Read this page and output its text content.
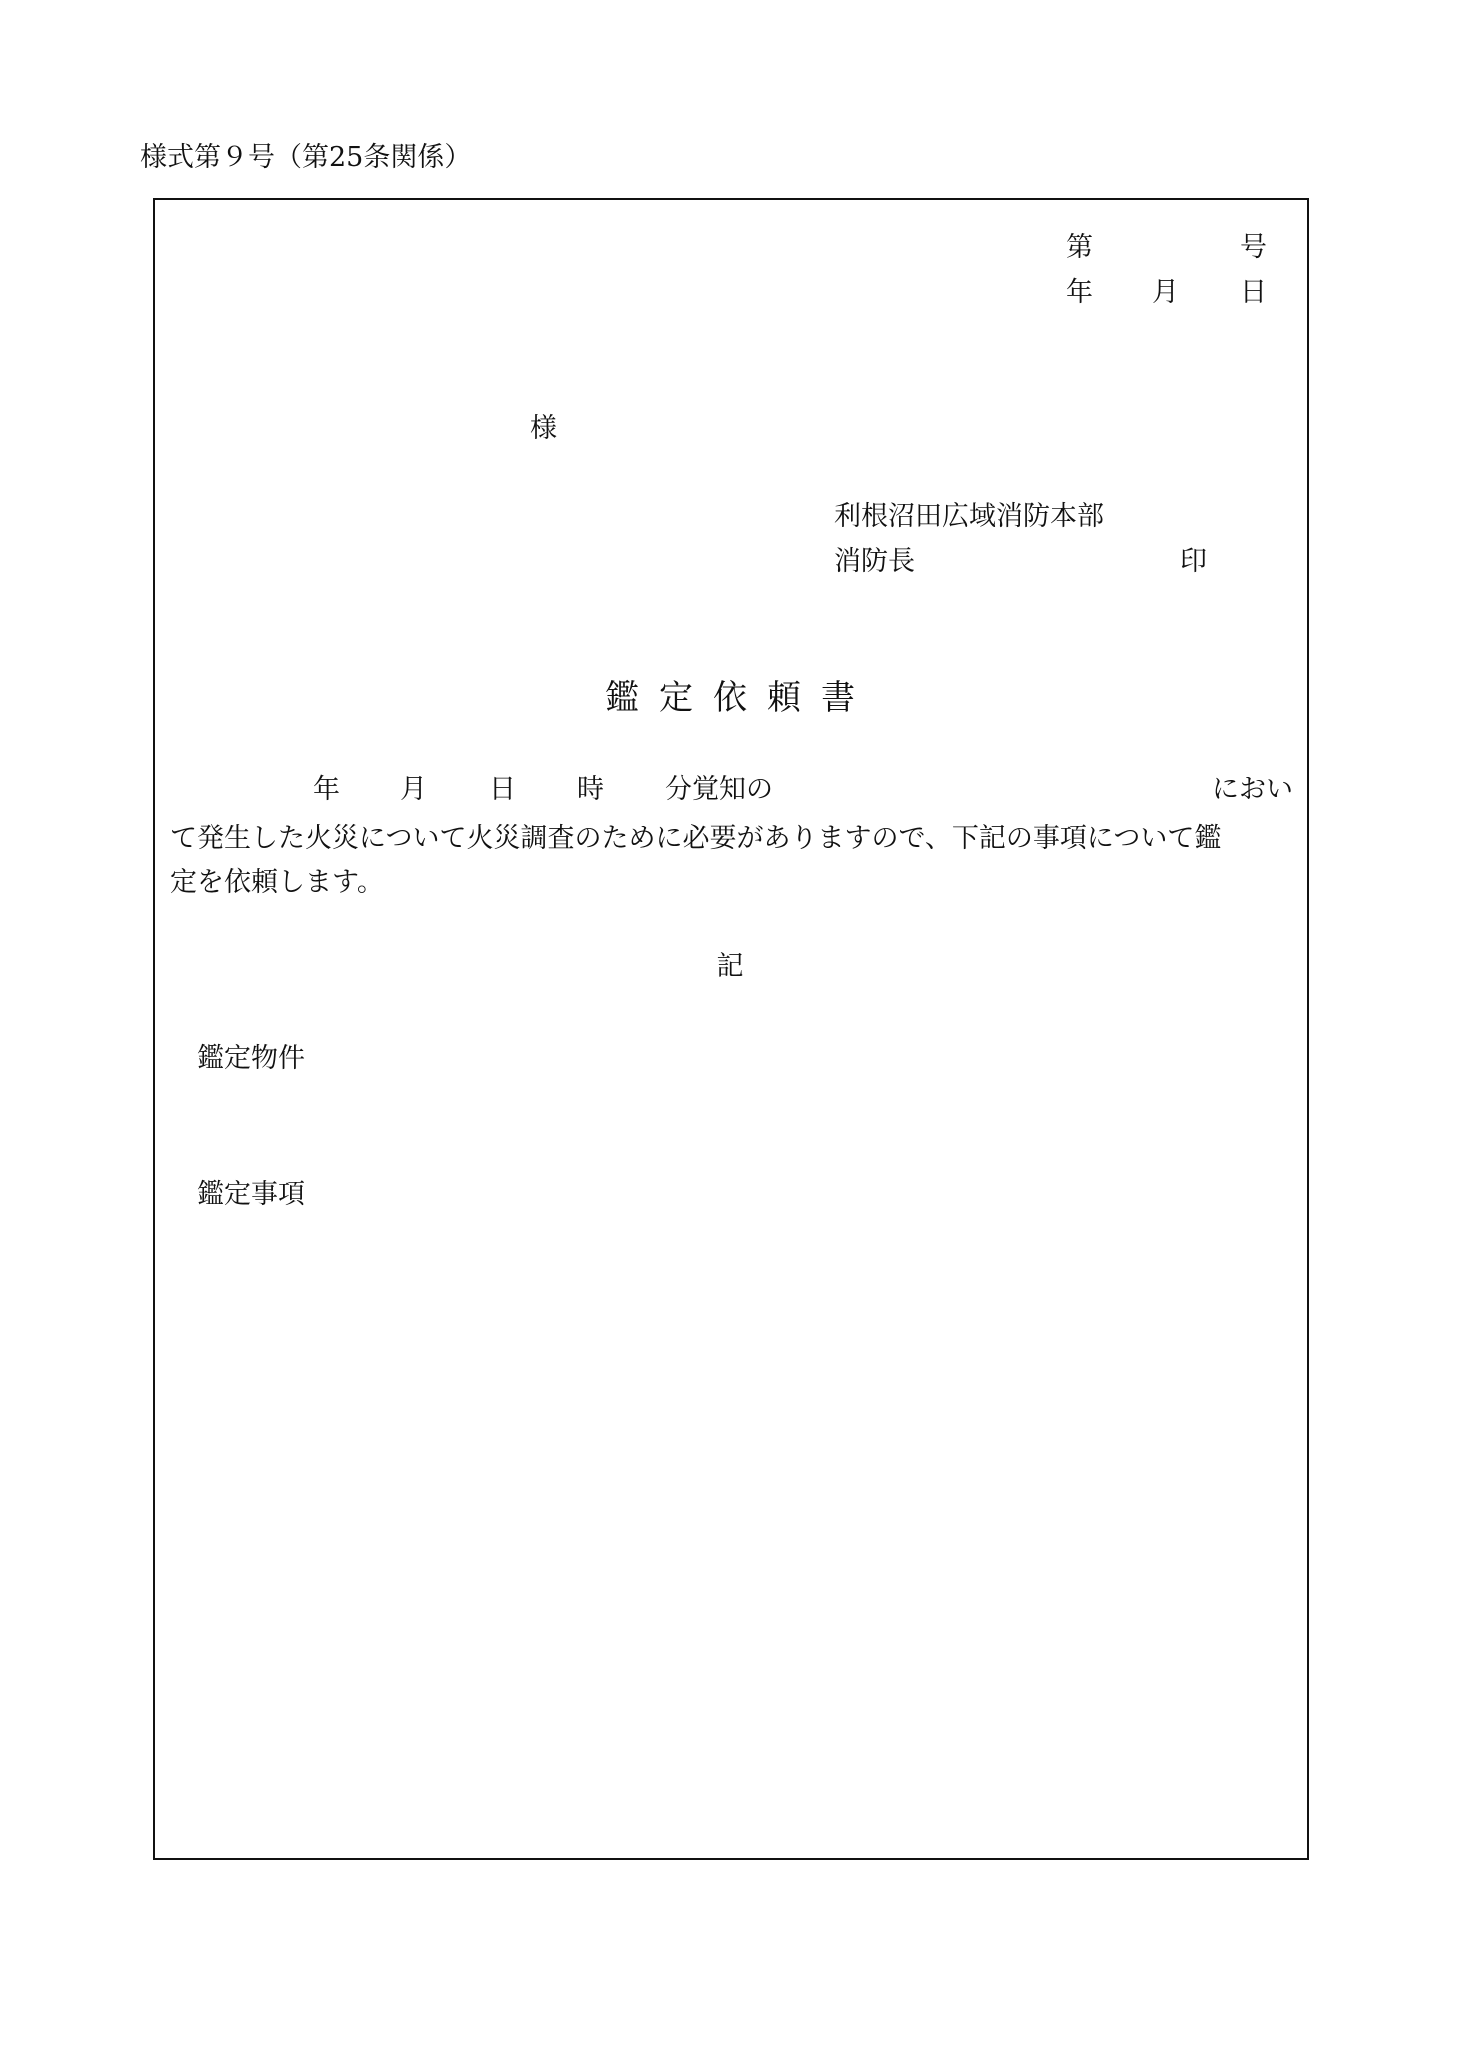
様式第９号（第25条関係）
第	号
年 月 日
様
利根沼田広域消防本部
消防長	印
鑑 定 依 頼 書
年 月 日 時 分覚知の	におい
て発生した火災について火災調査のために必要がありますので、下記の事項について鑑
定を依頼します。
記
鑑定物件
鑑定事項
